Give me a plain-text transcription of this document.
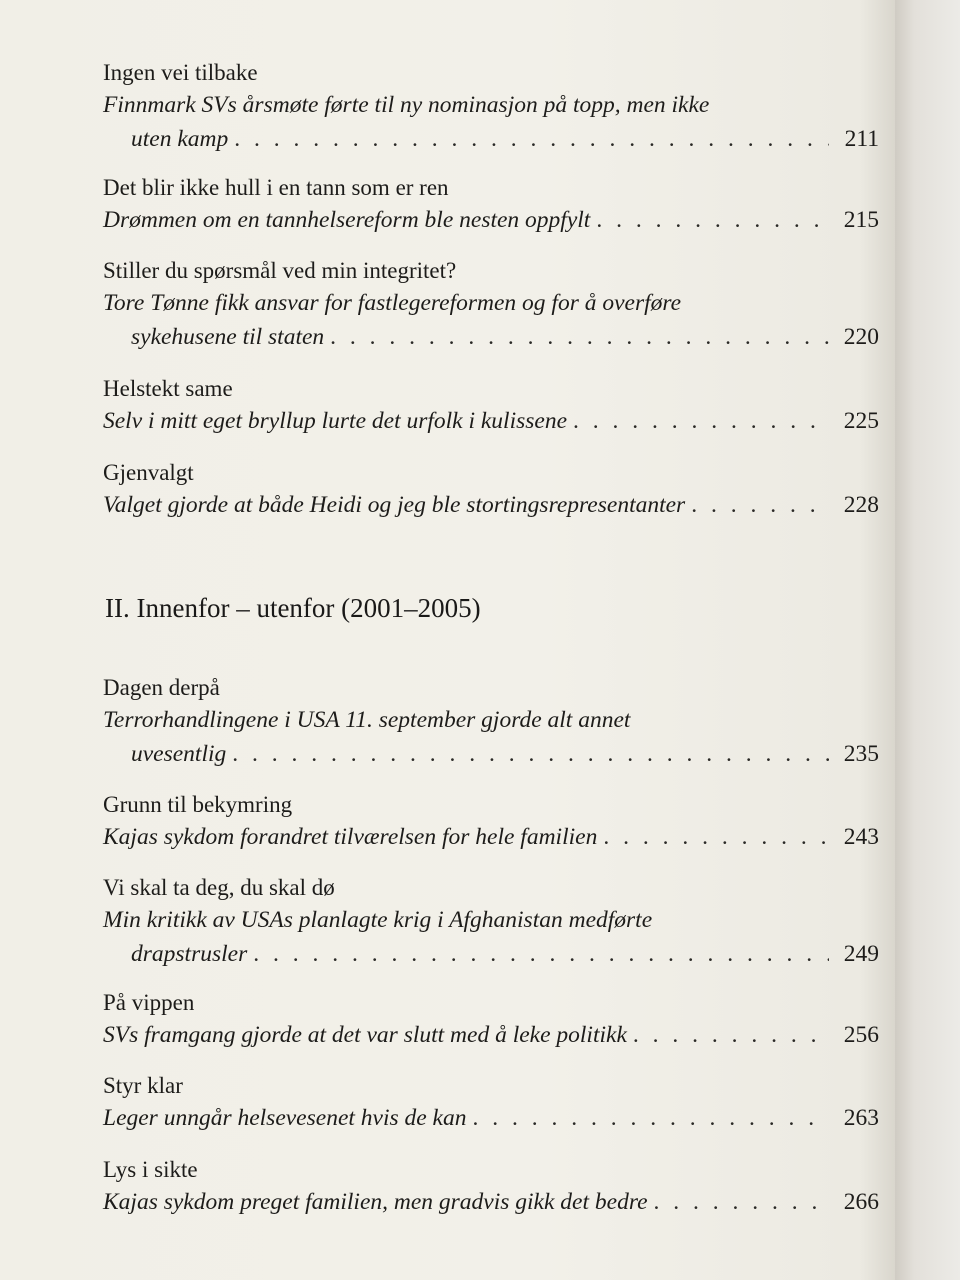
Ingen vei tilbake
Finnmark SVs årsmøte førte til ny nominasjon på topp, men ikke
uten kamp . . .	211
Det blir ikke hull i en tann som er ren
Drømmen om en tannhelsereform ble nesten oppfylt . . .	215
Stiller du spørsmål ved min integritet?
Tore Tønne fikk ansvar for fastlegereformen og for å overføre
sykehusene til staten . . .	220
Helstekt same
Selv i mitt eget bryllup lurte det urfolk i kulissene . . .	225
Gjenvalgt
Valget gjorde at både Heidi og jeg ble stortingsrepresentanter . . .	228
II. Innenfor – utenfor (2001–2005)
Dagen derpå
Terrorhandlingene i USA 11. september gjorde alt annet
uvesentlig . . .	235
Grunn til bekymring
Kajas sykdom forandret tilværelsen for hele familien . . .	243
Vi skal ta deg, du skal dø
Min kritikk av USAs planlagte krig i Afghanistan medførte
drapstrusler . . .	249
På vippen
SVs framgang gjorde at det var slutt med å leke politikk . . .	256
Styr klar
Leger unngår helsevesenet hvis de kan . . .	263
Lys i sikte
Kajas sykdom preget familien, men gradvis gikk det bedre . . .	266
